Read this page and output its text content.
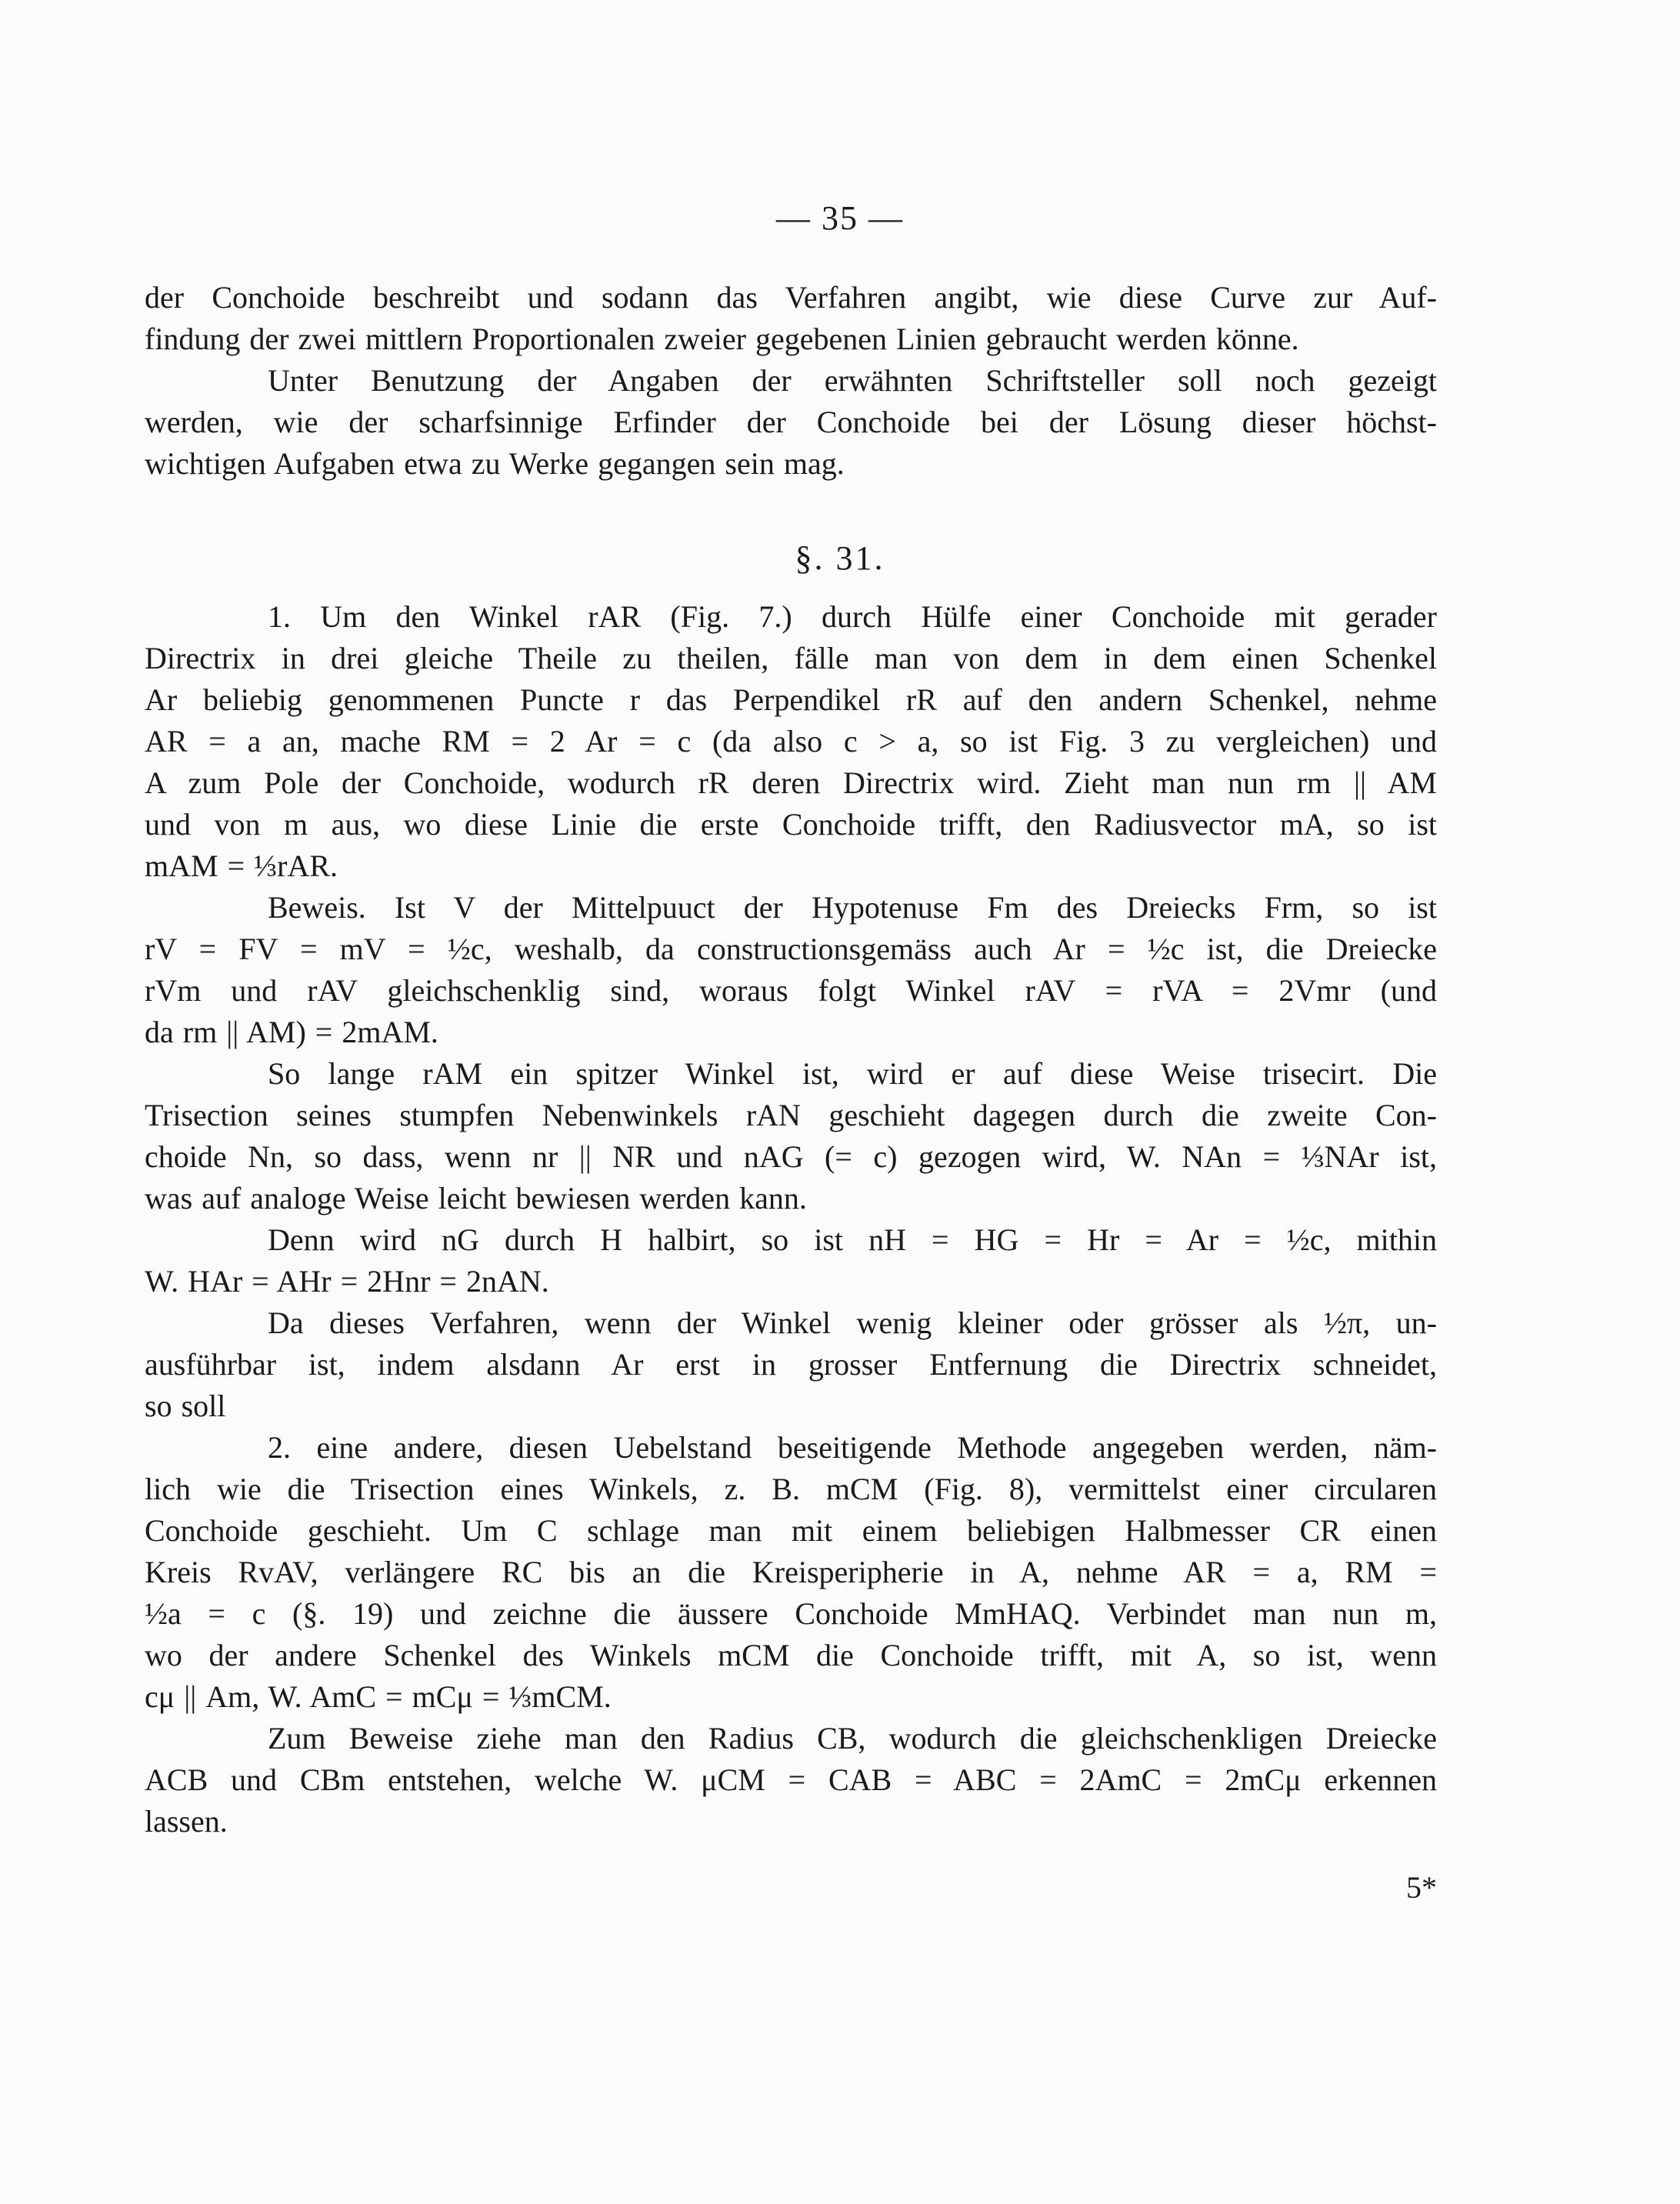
— 35 —
der Conchoide beschreibt und sodann das Verfahren angibt, wie diese Curve zur Auf-
findung der zwei mittlern Proportionalen zweier gegebenen Linien gebraucht werden könne.
Unter Benutzung der Angaben der erwähnten Schriftsteller soll noch gezeigt
werden, wie der scharfsinnige Erfinder der Conchoide bei der Lösung dieser höchst-
wichtigen Aufgaben etwa zu Werke gegangen sein mag.
§. 31.
1. Um den Winkel rAR (Fig. 7.) durch Hülfe einer Conchoide mit gerader
Directrix in drei gleiche Theile zu theilen, fälle man von dem in dem einen Schenkel
Ar beliebig genommenen Puncte r das Perpendikel rR auf den andern Schenkel, nehme
AR = a an, mache RM = 2 Ar = c (da also c > a, so ist Fig. 3 zu vergleichen) und
A zum Pole der Conchoide, wodurch rR deren Directrix wird. Zieht man nun rm || AM
und von m aus, wo diese Linie die erste Conchoide trifft, den Radiusvector mA, so ist
mAM = ⅓rAR.
Beweis. Ist V der Mittelpuuct der Hypotenuse Fm des Dreiecks Frm, so ist
rV = FV = mV = ½c, weshalb, da constructionsgemäss auch Ar = ½c ist, die Dreiecke
rVm und rAV gleichschenklig sind, woraus folgt Winkel rAV = rVA = 2Vmr (und
da rm || AM) = 2mAM.
So lange rAM ein spitzer Winkel ist, wird er auf diese Weise trisecirt. Die
Trisection seines stumpfen Nebenwinkels rAN geschieht dagegen durch die zweite Con-
choide Nn, so dass, wenn nr || NR und nAG (= c) gezogen wird, W. NAn = ⅓NAr ist,
was auf analoge Weise leicht bewiesen werden kann.
Denn wird nG durch H halbirt, so ist nH = HG = Hr = Ar = ½c, mithin
W. HAr = AHr = 2Hnr = 2nAN.
Da dieses Verfahren, wenn der Winkel wenig kleiner oder grösser als ½π, un-
ausführbar ist, indem alsdann Ar erst in grosser Entfernung die Directrix schneidet,
so soll
2. eine andere, diesen Uebelstand beseitigende Methode angegeben werden, näm-
lich wie die Trisection eines Winkels, z. B. mCM (Fig. 8), vermittelst einer circularen
Conchoide geschieht. Um C schlage man mit einem beliebigen Halbmesser CR einen
Kreis RvAV, verlängere RC bis an die Kreisperipherie in A, nehme AR = a, RM =
½a = c (§. 19) und zeichne die äussere Conchoide MmHAQ. Verbindet man nun m,
wo der andere Schenkel des Winkels mCM die Conchoide trifft, mit A, so ist, wenn
cμ || Am, W. AmC = mCμ = ⅓mCM.
Zum Beweise ziehe man den Radius CB, wodurch die gleichschenkligen Dreiecke
ACB und CBm entstehen, welche W. μCM = CAB = ABC = 2AmC = 2mCμ erkennen
lassen.
5*
